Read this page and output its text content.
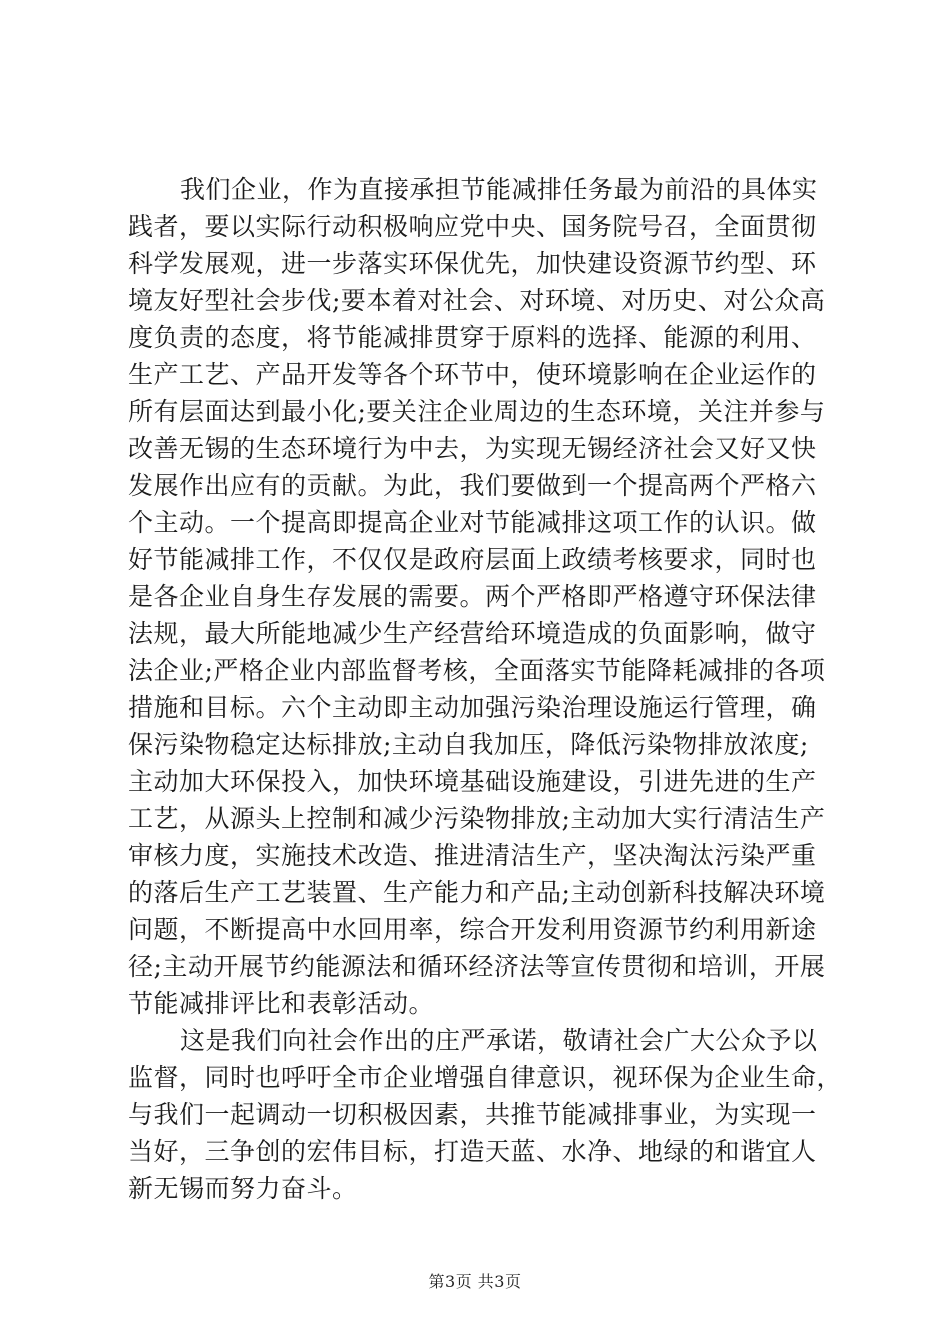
我们企业，作为直接承担节能减排任务最为前沿的具体实
践者，要以实际行动积极响应党中央、国务院号召，全面贯彻
科学发展观，进一步落实环保优先，加快建设资源节约型、环
境友好型社会步伐;要本着对社会、对环境、对历史、对公众高
度负责的态度，将节能减排贯穿于原料的选择、能源的利用、
生产工艺、产品开发等各个环节中，使环境影响在企业运作的
所有层面达到最小化;要关注企业周边的生态环境，关注并参与
改善无锡的生态环境行为中去，为实现无锡经济社会又好又快
发展作出应有的贡献。为此，我们要做到一个提高两个严格六
个主动。一个提高即提高企业对节能减排这项工作的认识。做
好节能减排工作，不仅仅是政府层面上政绩考核要求，同时也
是各企业自身生存发展的需要。两个严格即严格遵守环保法律
法规，最大所能地减少生产经营给环境造成的负面影响，做守
法企业;严格企业内部监督考核，全面落实节能降耗减排的各项
措施和目标。六个主动即主动加强污染治理设施运行管理，确
保污染物稳定达标排放;主动自我加压，降低污染物排放浓度;
主动加大环保投入，加快环境基础设施建设，引进先进的生产
工艺，从源头上控制和减少污染物排放;主动加大实行清洁生产
审核力度，实施技术改造、推进清洁生产，坚决淘汰污染严重
的落后生产工艺装置、生产能力和产品;主动创新科技解决环境
问题，不断提高中水回用率，综合开发利用资源节约利用新途
径;主动开展节约能源法和循环经济法等宣传贯彻和培训，开展
节能减排评比和表彰活动。
这是我们向社会作出的庄严承诺，敬请社会广大公众予以
监督，同时也呼吁全市企业增强自律意识，视环保为企业生命，
与我们一起调动一切积极因素，共推节能减排事业，为实现一
当好，三争创的宏伟目标，打造天蓝、水净、地绿的和谐宜人
新无锡而努力奋斗。
第3页 共3页
